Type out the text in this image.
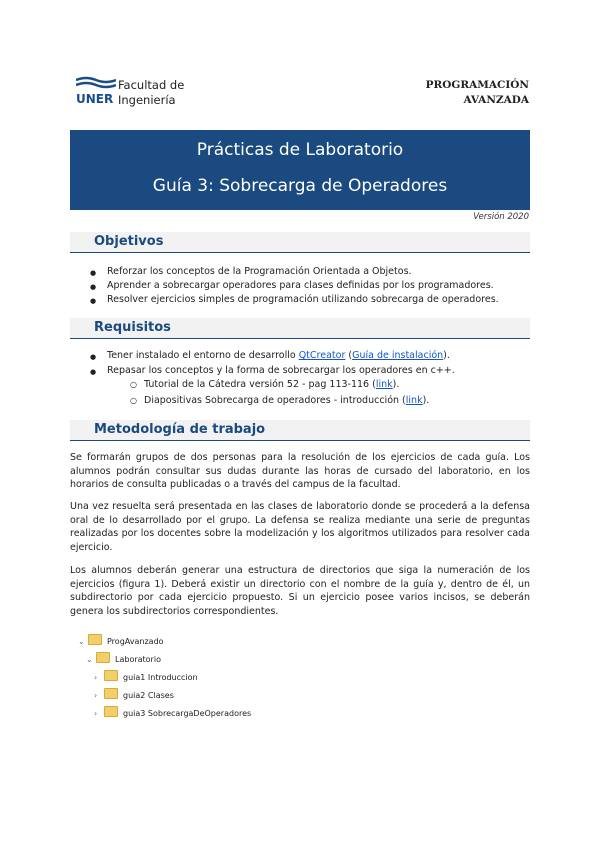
Facultad de
UNER Ingeniería
PROGRAMACIÓN
AVANZADA
Prácticas de Laboratorio
Guía 3: Sobrecarga de Operadores
Versión 2020
Objetivos
● Reforzar los conceptos de la Programación Orientada a Objetos.
● Aprender a sobrecargar operadores para clases definidas por los programadores.
● Resolver ejercicios simples de programación utilizando sobrecarga de operadores.
Requisitos
● Tener instalado el entorno de desarrollo QtCreator (Guía de instalación).
● Repasar los conceptos y la forma de sobrecargar los operadores en c++.
○ Tutorial de la Cátedra versión 52 - pag 113-116 (link).
○ Diapositivas Sobrecarga de operadores - introducción (link).
Metodología de trabajo
Se formarán grupos de dos personas para la resolución de los ejercicios de cada guía. Los alumnos podrán consultar sus dudas durante las horas de cursado del laboratorio, en los horarios de consulta publicadas o a través del campus de la facultad.
Una vez resuelta será presentada en las clases de laboratorio donde se procederá a la defensa oral de lo desarrollado por el grupo. La defensa se realiza mediante una serie de preguntas realizadas por los docentes sobre la modelización y los algoritmos utilizados para resolver cada ejercicio.
Los alumnos deberán generar una estructura de directorios que siga la numeración de los ejercicios (figura 1). Deberá existir un directorio con el nombre de la guía y, dentro de él, un subdirectorio por cada ejercicio propuesto. Si un ejercicio posee varios incisos, se deberán genera los subdirectorios correspondientes.
⌄	ProgAvanzado
⌄	Laboratorio
›	guia1 Introduccion
›	guia2 Clases
›	guia3 SobrecargaDeOperadores
